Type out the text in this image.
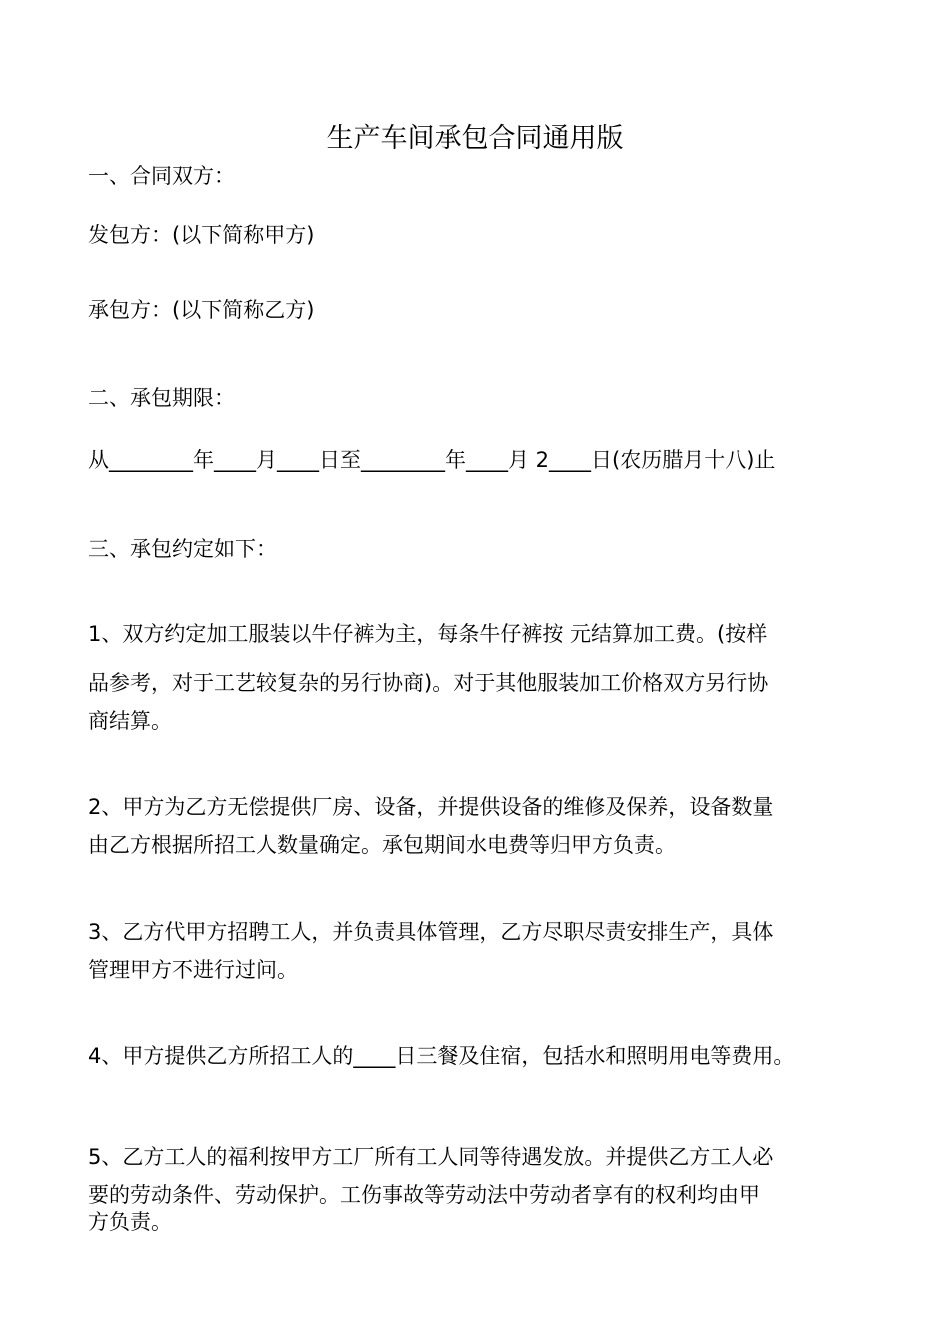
生产车间承包合同通用版
一、合同双方：
发包方：(以下简称甲方)
承包方：(以下简称乙方)
二、承包期限：
从________年____月____日至________年____月 2____日(农历腊月十八)止
三、承包约定如下：
1、双方约定加工服装以牛仔裤为主，每条牛仔裤按 元结算加工费。(按样
品参考，对于工艺较复杂的另行协商)。对于其他服装加工价格双方另行协
商结算。
2、甲方为乙方无偿提供厂房、设备，并提供设备的维修及保养，设备数量
由乙方根据所招工人数量确定。承包期间水电费等归甲方负责。
3、乙方代甲方招聘工人，并负责具体管理，乙方尽职尽责安排生产，具体
管理甲方不进行过问。
4、甲方提供乙方所招工人的____日三餐及住宿，包括水和照明用电等费用。
5、乙方工人的福利按甲方工厂所有工人同等待遇发放。并提供乙方工人必
要的劳动条件、劳动保护。工伤事故等劳动法中劳动者享有的权利均由甲
方负责。
